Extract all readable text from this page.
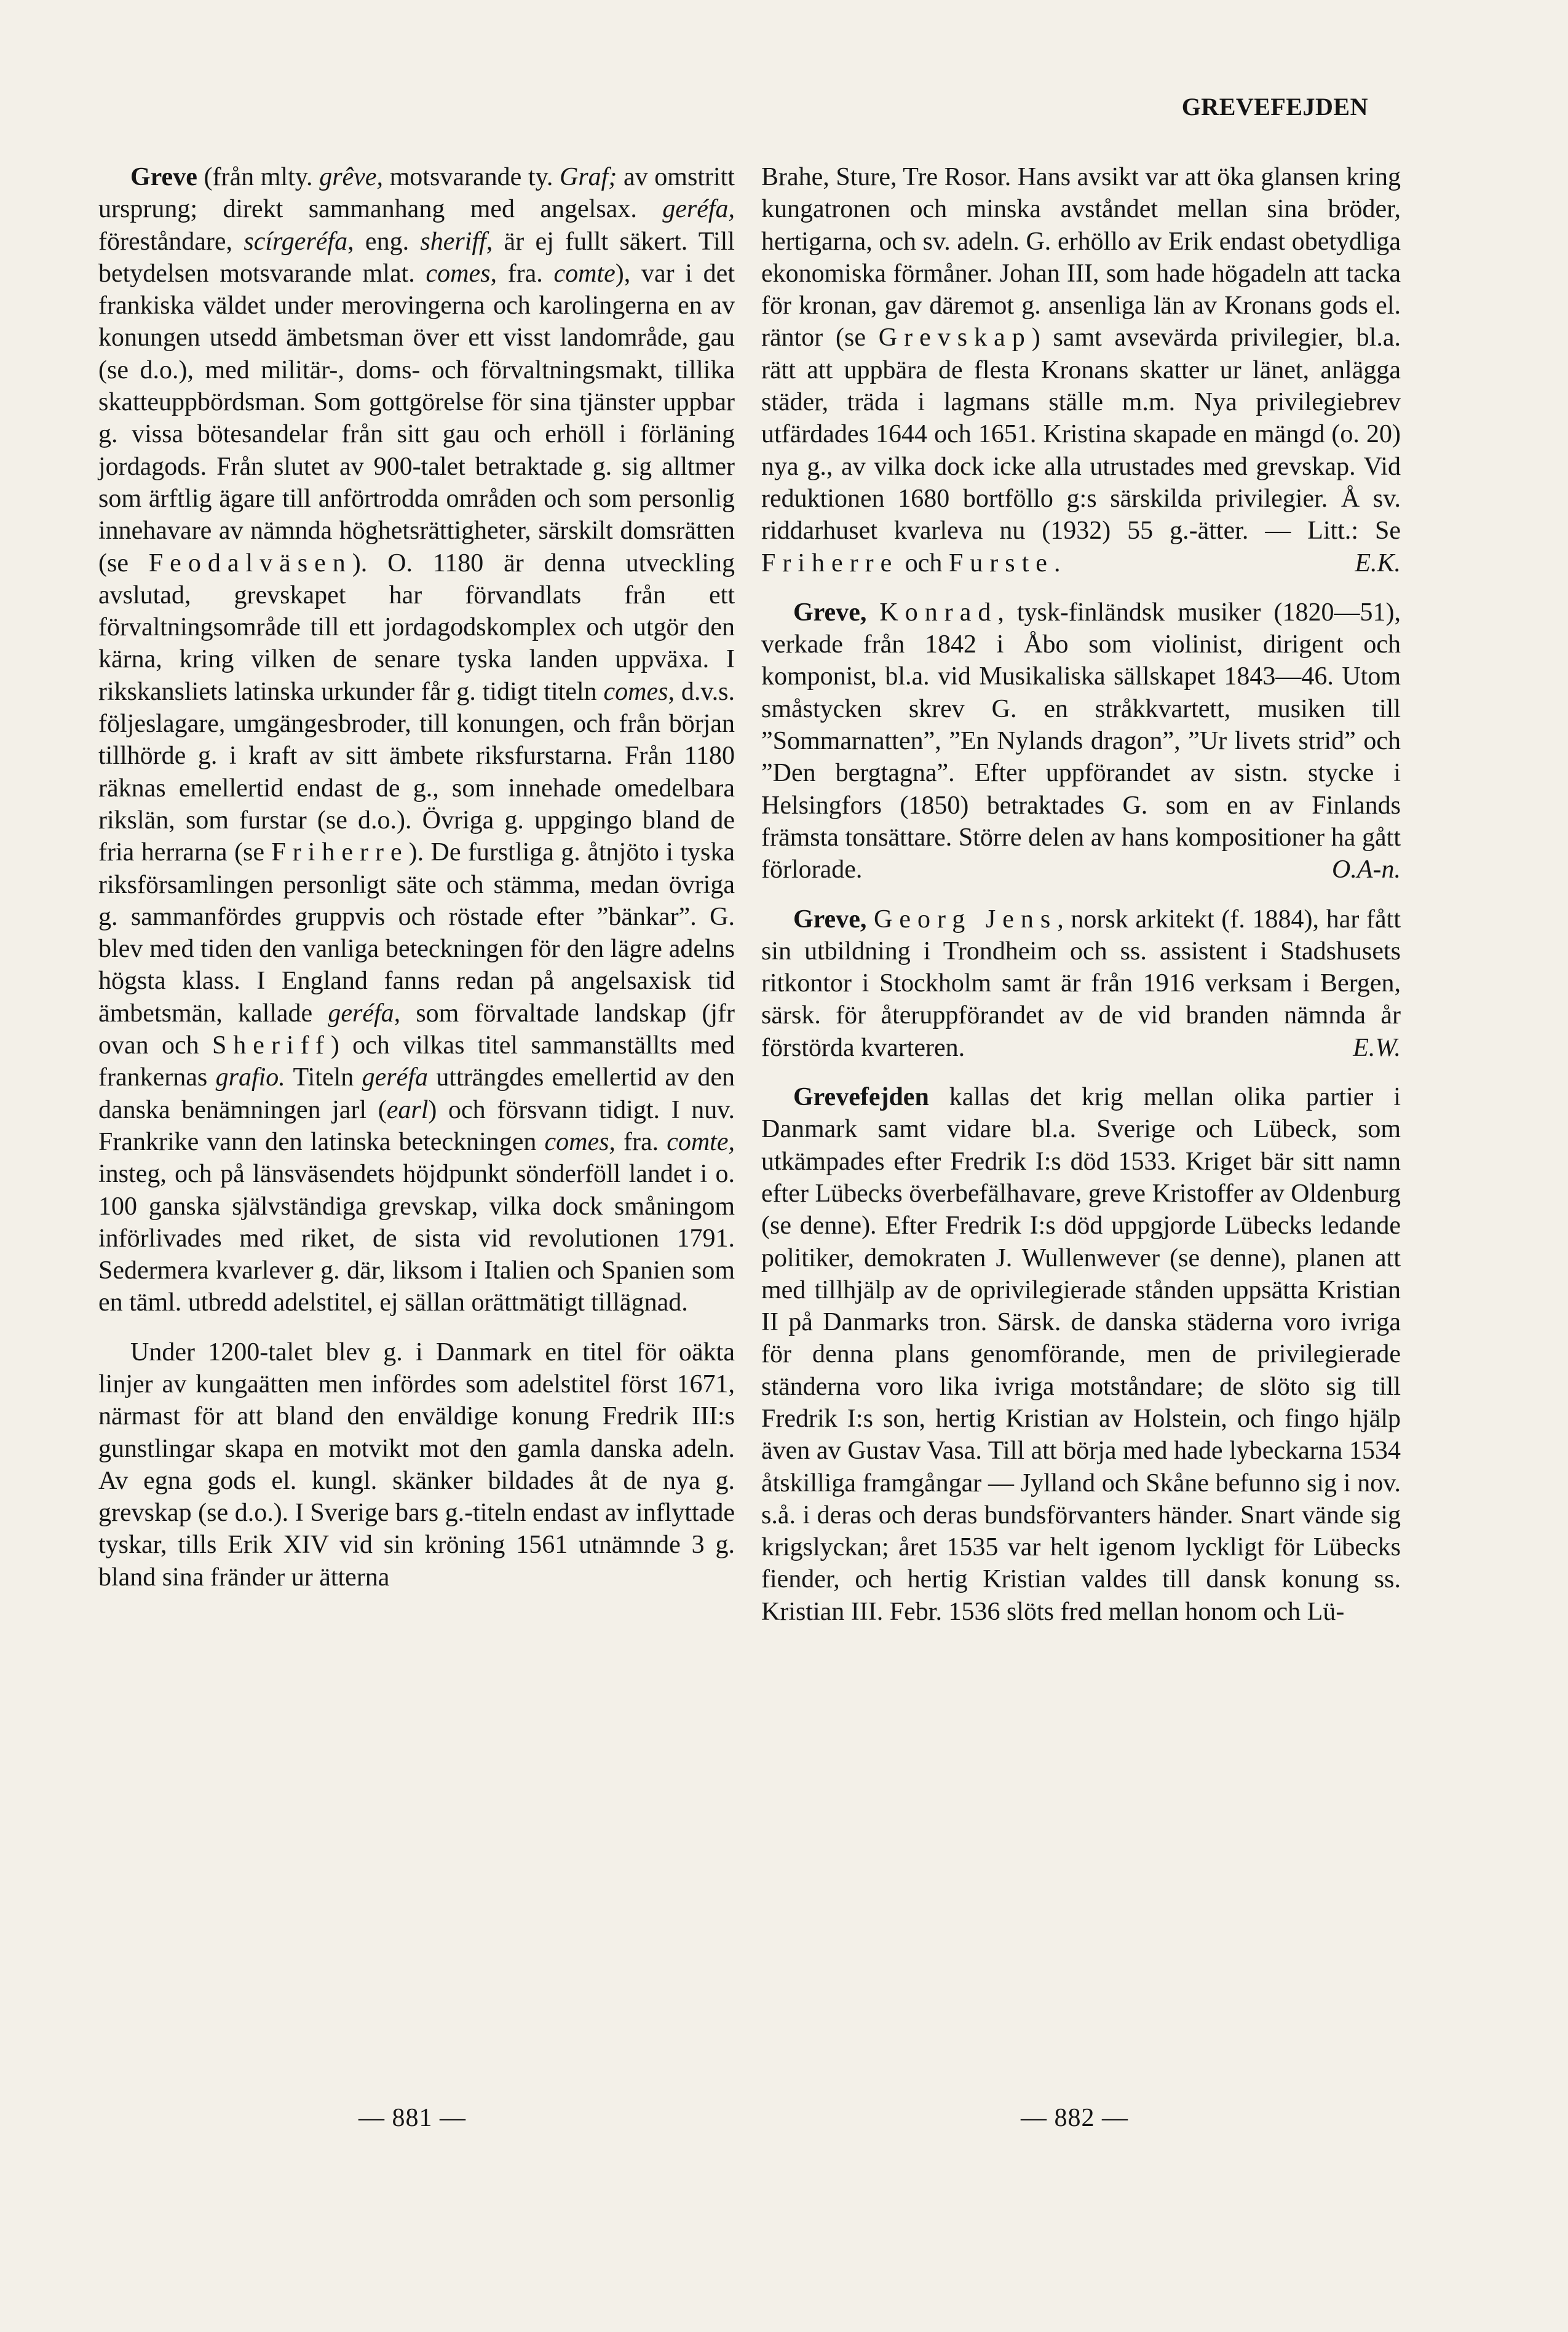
GREVEFEJDEN

Greve (från mlty. grêve, motsvarande ty. Graf; av omstritt ursprung; direkt sammanhang med angelsax. geréfa, föreståndare, scírgeréfa, eng. sheriff, är ej fullt säkert. Till betydelsen motsvarande mlat. comes, fra. comte), var i det frankiska väldet under merovingerna och karolingerna en av konungen utsedd ämbetsman över ett visst landområde, gau (se d.o.), med militär-, doms- och förvaltningsmakt, tillika skatteuppbördsman. Som gottgörelse för sina tjänster uppbar g. vissa bötesandelar från sitt gau och erhöll i förläning jordagods. Från slutet av 900-talet betraktade g. sig alltmer som ärftlig ägare till anförtrodda områden och som personlig innehavare av nämnda höghetsrättigheter, särskilt domsrätten (se Feodalväsen). O. 1180 är denna utveckling avslutad, grevskapet har förvandlats från ett förvaltningsområde till ett jordagodskomplex och utgör den kärna, kring vilken de senare tyska landen uppväxa. I rikskansliets latinska urkunder får g. tidigt titeln comes, d.v.s. följeslagare, umgängesbroder, till konungen, och från början tillhörde g. i kraft av sitt ämbete riksfurstarna. Från 1180 räknas emellertid endast de g., som innehade omedelbara rikslän, som furstar (se d.o.). Övriga g. uppgingo bland de fria herrarna (se Friherre). De furstliga g. åtnjöto i tyska riksförsamlingen personligt säte och stämma, medan övriga g. sammanfördes gruppvis och röstade efter ”bänkar”. G. blev med tiden den vanliga beteckningen för den lägre adelns högsta klass. I England fanns redan på angelsaxisk tid ämbetsmän, kallade geréfa, som förvaltade landskap (jfr ovan och Sheriff) och vilkas titel sammanställts med frankernas grafio. Titeln geréfa utträngdes emellertid av den danska benämningen jarl (earl) och försvann tidigt. I nuv. Frankrike vann den latinska beteckningen comes, fra. comte, insteg, och på länsväsendets höjdpunkt sönderföll landet i o. 100 ganska självständiga grevskap, vilka dock småningom införlivades med riket, de sista vid revolutionen 1791. Sedermera kvarlever g. där, liksom i Italien och Spanien som en täml. utbredd adelstitel, ej sällan orättmätigt tillägnad.

Under 1200-talet blev g. i Danmark en titel för oäkta linjer av kungaätten men infördes som adelstitel först 1671, närmast för att bland den enväldige konung Fredrik III:s gunstlingar skapa en motvikt mot den gamla danska adeln. Av egna gods el. kungl. skänker bildades åt de nya g. grevskap (se d.o.). I Sverige bars g.-titeln endast av inflyttade tyskar, tills Erik XIV vid sin kröning 1561 utnämnde 3 g. bland sina fränder ur ätterna

Brahe, Sture, Tre Rosor. Hans avsikt var att öka glansen kring kungatronen och minska avståndet mellan sina bröder, hertigarna, och sv. adeln. G. erhöllo av Erik endast obetydliga ekonomiska förmåner. Johan III, som hade högadeln att tacka för kronan, gav däremot g. ansenliga län av Kronans gods el. räntor (se Grevskap) samt avsevärda privilegier, bl.a. rätt att uppbära de flesta Kronans skatter ur länet, anlägga städer, träda i lagmans ställe m.m. Nya privilegiebrev utfärdades 1644 och 1651. Kristina skapade en mängd (o. 20) nya g., av vilka dock icke alla utrustades med grevskap. Vid reduktionen 1680 bortföllo g:s särskilda privilegier. Å sv. riddarhuset kvarleva nu (1932) 55 g.-ätter. — Litt.: Se Friherre och Furste.	E.K.

Greve, Konrad, tysk-finländsk musiker (1820—51), verkade från 1842 i Åbo som violinist, dirigent och komponist, bl.a. vid Musikaliska sällskapet 1843—46. Utom småstycken skrev G. en stråkkvartett, musiken till ”Sommarnatten”, ”En Nylands dragon”, ”Ur livets strid” och ”Den bergtagna”. Efter uppförandet av sistn. stycke i Helsingfors (1850) betraktades G. som en av Finlands främsta tonsättare. Större delen av hans kompositioner ha gått förlorade.	O.A-n.

Greve, Georg Jens, norsk arkitekt (f. 1884), har fått sin utbildning i Trondheim och ss. assistent i Stadshusets ritkontor i Stockholm samt är från 1916 verksam i Bergen, särsk. för återuppförandet av de vid branden nämnda år förstörda kvarteren.	E.W.

Grevefejden kallas det krig mellan olika partier i Danmark samt vidare bl.a. Sverige och Lübeck, som utkämpades efter Fredrik I:s död 1533. Kriget bär sitt namn efter Lübecks överbefälhavare, greve Kristoffer av Oldenburg (se denne). Efter Fredrik I:s död uppgjorde Lübecks ledande politiker, demokraten J. Wullenwever (se denne), planen att med tillhjälp av de oprivilegierade stånden uppsätta Kristian II på Danmarks tron. Särsk. de danska städerna voro ivriga för denna plans genomförande, men de privilegierade ständerna voro lika ivriga motståndare; de slöto sig till Fredrik I:s son, hertig Kristian av Holstein, och fingo hjälp även av Gustav Vasa. Till att börja med hade lybeckarna 1534 åtskilliga framgångar — Jylland och Skåne befunno sig i nov. s.å. i deras och deras bundsförvanters händer. Snart vände sig krigslyckan; året 1535 var helt igenom lyckligt för Lübecks fiender, och hertig Kristian valdes till dansk konung ss. Kristian III. Febr. 1536 slöts fred mellan honom och Lü-

— 881 —	— 882 —
